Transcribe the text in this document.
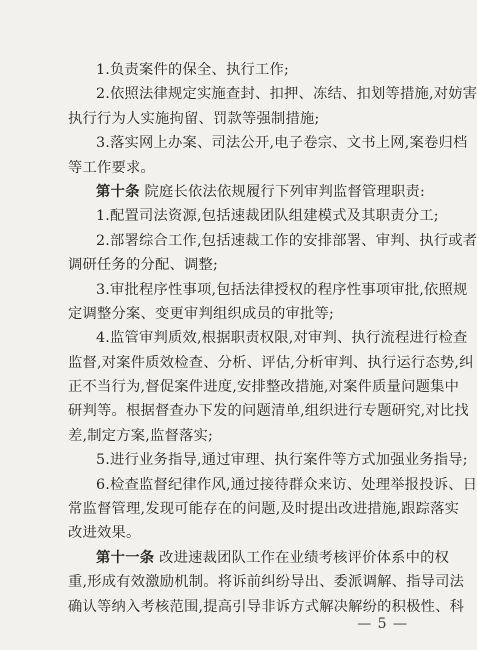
1.负责案件的保全、执行工作;
2.依照法律规定实施查封、扣押、冻结、扣划等措施,对妨害
执行行为人实施拘留、罚款等强制措施;
3.落实网上办案、司法公开,电子卷宗、文书上网,案卷归档
等工作要求。
第十条 院庭长依法依规履行下列审判监督管理职责:
1.配置司法资源,包括速裁团队组建模式及其职责分工;
2.部署综合工作,包括速裁工作的安排部署、审判、执行或者
调研任务的分配、调整;
3.审批程序性事项,包括法律授权的程序性事项审批,依照规
定调整分案、变更审判组织成员的审批等;
4.监管审判质效,根据职责权限,对审判、执行流程进行检查
监督,对案件质效检查、分析、评估,分析审判、执行运行态势,纠
正不当行为,督促案件进度,安排整改措施,对案件质量问题集中
研判等。根据督查办下发的问题清单,组织进行专题研究,对比找
差,制定方案,监督落实;
5.进行业务指导,通过审理、执行案件等方式加强业务指导;
6.检查监督纪律作风,通过接待群众来访、处理举报投诉、日
常监督管理,发现可能存在的问题,及时提出改进措施,跟踪落实
改进效果。
第十一条 改进速裁团队工作在业绩考核评价体系中的权
重,形成有效激励机制。将诉前纠纷导出、委派调解、指导司法
确认等纳入考核范围,提高引导非诉方式解决解纷的积极性、科
— 5 —
